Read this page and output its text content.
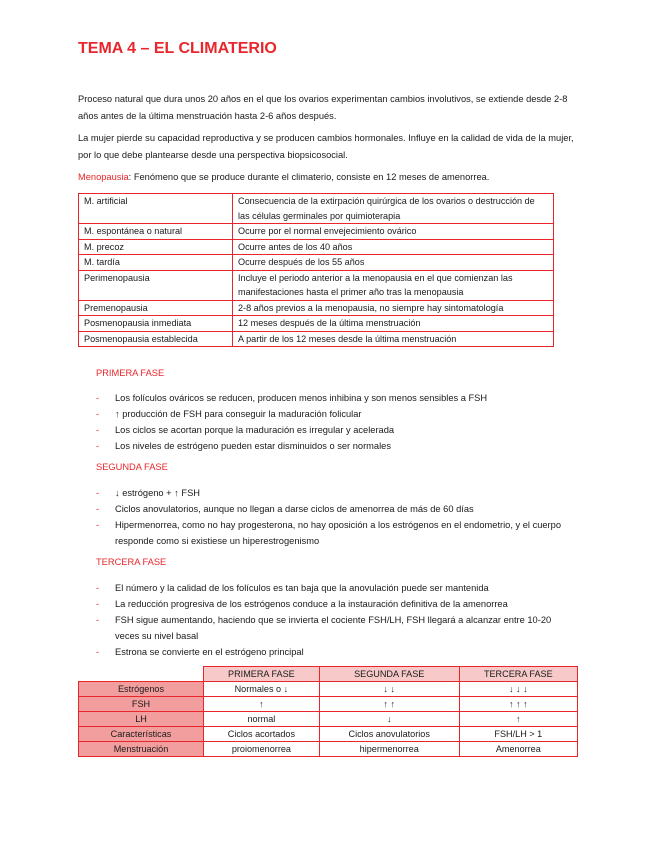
TEMA 4 – EL CLIMATERIO

Proceso natural que dura unos 20 años en el que los ovarios experimentan cambios involutivos, se extiende desde 2-8 años antes de la última menstruación hasta 2-6 años después.

La mujer pierde su capacidad reproductiva y se producen cambios hormonales. Influye en la calidad de vida de la mujer, por lo que debe plantearse desde una perspectiva biopsicosocial.

Menopausia: Fenómeno que se produce durante el climaterio, consiste en 12 meses de amenorrea.

M. artificial	Consecuencia de la extirpación quirúrgica de los ovarios o destrucción de las células germinales por quimioterapia
M. espontánea o natural	Ocurre por el normal envejecimiento ovárico
M. precoz	Ocurre antes de los 40 años
M. tardía	Ocurre después de los 55 años
Perimenopausia	Incluye el periodo anterior a la menopausia en el que comienzan las manifestaciones hasta el primer año tras la menopausia
Premenopausia	2-8 años previos a la menopausia, no siempre hay sintomatología
Posmenopausia inmediata	12 meses después de la última menstruación
Posmenopausia establecida	A partir de los 12 meses desde la última menstruación

PRIMERA FASE

- Los folículos ováricos se reducen, producen menos inhibina y son menos sensibles a FSH
- ↑ producción de FSH para conseguir la maduración folicular
- Los ciclos se acortan porque la maduración es irregular y acelerada
- Los niveles de estrógeno pueden estar disminuidos o ser normales

SEGUNDA FASE

- ↓ estrógeno + ↑ FSH
- Ciclos anovulatorios, aunque no llegan a darse ciclos de amenorrea de más de 60 días
- Hipermenorrea, como no hay progesterona, no hay oposición a los estrógenos en el endometrio, y el cuerpo responde como si existiese un hiperestrogenismo

TERCERA FASE

- El número y la calidad de los folículos es tan baja que la anovulación puede ser mantenida
- La reducción progresiva de los estrógenos conduce a la instauración definitiva de la amenorrea
- FSH sigue aumentando, haciendo que se invierta el cociente FSH/LH, FSH llegará a alcanzar entre 10-20 veces su nivel basal
- Estrona se convierte en el estrógeno principal
	PRIMERA FASE	SEGUNDA FASE	TERCERA FASE
Estrógenos	Normales o ↓	↓ ↓	↓ ↓ ↓
FSH	↑	↑ ↑	↑ ↑ ↑
LH	normal	↓	↑
Características	Ciclos acortados	Ciclos anovulatorios	FSH/LH > 1
Menstruación	proiomenorrea	hipermenorrea	Amenorrea
